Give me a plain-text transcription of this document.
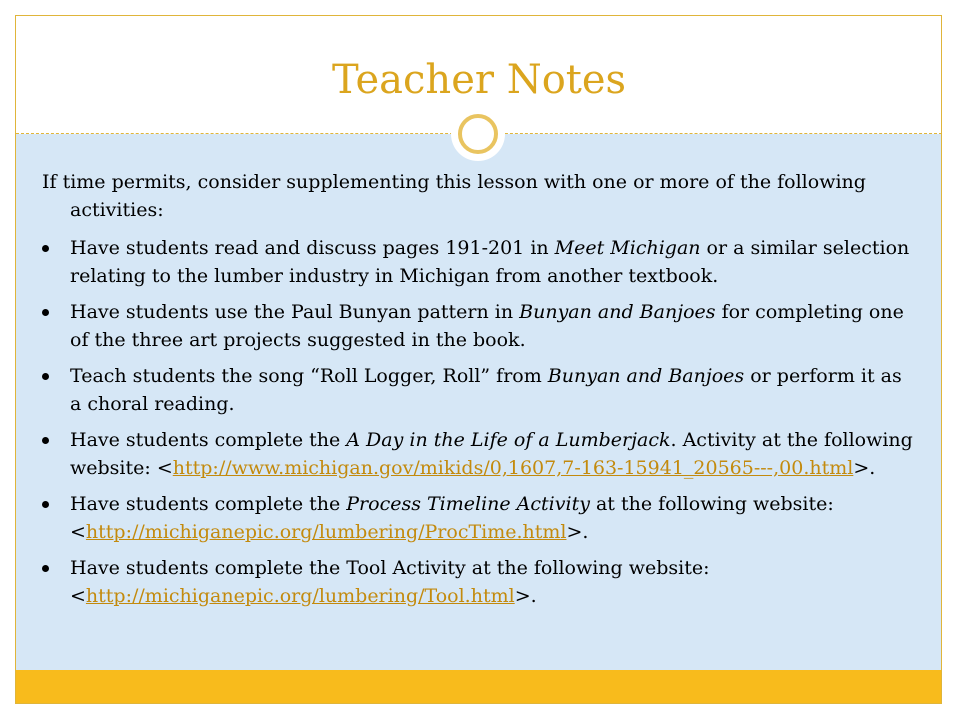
Teacher Notes

If time permits, consider supplementing this lesson with one or more of the following activities:

Have students read and discuss pages 191-201 in Meet Michigan or a similar selection relating to the lumber industry in Michigan from another textbook.
Have students use the Paul Bunyan pattern in Bunyan and Banjoes for completing one of the three art projects suggested in the book.
Teach students the song “Roll Logger, Roll” from Bunyan and Banjoes or perform it as a choral reading.
Have students complete the A Day in the Life of a Lumberjack. Activity at the following website: <http://www.michigan.gov/mikids/0,1607,7-163-15941_20565---,00.html>.
Have students complete the Process Timeline Activity at the following website: <http://michiganepic.org/lumbering/ProcTime.html>.
Have students complete the Tool Activity at the following website: <http://michiganepic.org/lumbering/Tool.html>.
